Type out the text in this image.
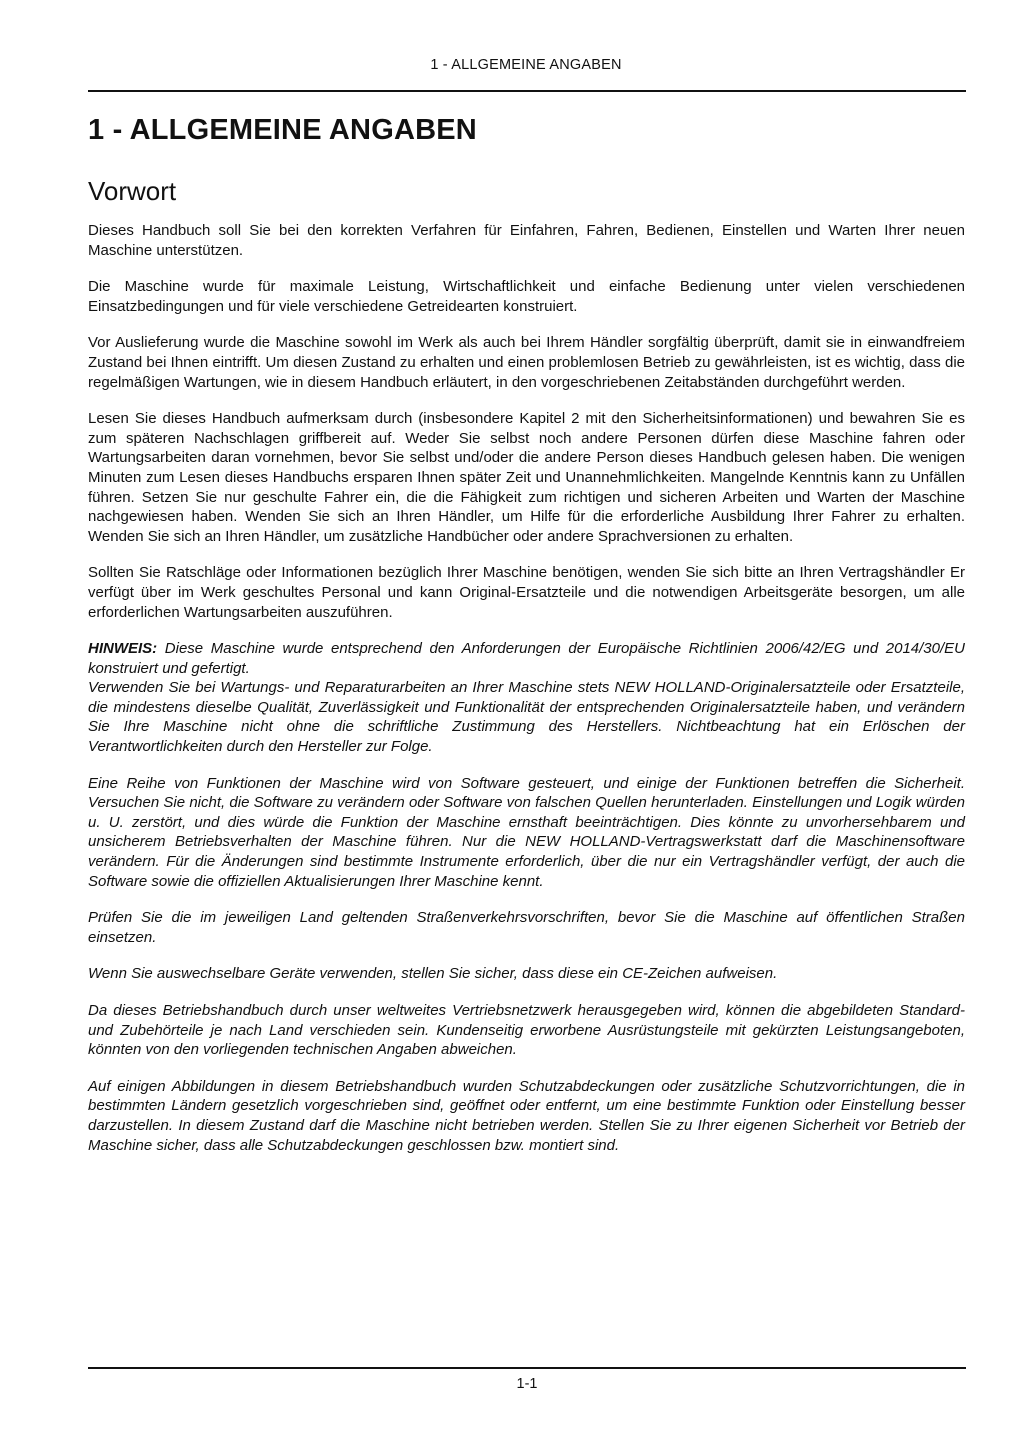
1 - ALLGEMEINE ANGABEN
1 - ALLGEMEINE ANGABEN
Vorwort

Dieses Handbuch soll Sie bei den korrekten Verfahren für Einfahren, Fahren, Bedienen, Einstellen und Warten Ihrer neuen Maschine unterstützen.

Die Maschine wurde für maximale Leistung, Wirtschaftlichkeit und einfache Bedienung unter vielen verschiedenen Einsatzbedingungen und für viele verschiedene Getreidearten konstruiert.

Vor Auslieferung wurde die Maschine sowohl im Werk als auch bei Ihrem Händler sorgfältig überprüft, damit sie in einwandfreiem Zustand bei Ihnen eintrifft. Um diesen Zustand zu erhalten und einen problemlosen Betrieb zu gewährleisten, ist es wichtig, dass die regelmäßigen Wartungen, wie in diesem Handbuch erläutert, in den vorgeschriebenen Zeitabständen durchgeführt werden.

Lesen Sie dieses Handbuch aufmerksam durch (insbesondere Kapitel 2 mit den Sicherheitsinformationen) und bewahren Sie es zum späteren Nachschlagen griffbereit auf. Weder Sie selbst noch andere Personen dürfen diese Maschine fahren oder Wartungsarbeiten daran vornehmen, bevor Sie selbst und/oder die andere Person dieses Handbuch gelesen haben. Die wenigen Minuten zum Lesen dieses Handbuchs ersparen Ihnen später Zeit und Unannehmlichkeiten. Mangelnde Kenntnis kann zu Unfällen führen. Setzen Sie nur geschulte Fahrer ein, die die Fähigkeit zum richtigen und sicheren Arbeiten und Warten der Maschine nachgewiesen haben. Wenden Sie sich an Ihren Händler, um Hilfe für die erforderliche Ausbildung Ihrer Fahrer zu erhalten. Wenden Sie sich an Ihren Händler, um zusätzliche Handbücher oder andere Sprachversionen zu erhalten.

Sollten Sie Ratschläge oder Informationen bezüglich Ihrer Maschine benötigen, wenden Sie sich bitte an Ihren Vertragshändler Er verfügt über im Werk geschultes Personal und kann Original-Ersatzteile und die notwendigen Arbeitsgeräte besorgen, um alle erforderlichen Wartungsarbeiten auszuführen.

HINWEIS: Diese Maschine wurde entsprechend den Anforderungen der Europäische Richtlinien 2006/42/EG und 2014/30/EU konstruiert und gefertigt.

Verwenden Sie bei Wartungs- und Reparaturarbeiten an Ihrer Maschine stets NEW HOLLAND-Originalersatzteile oder Ersatzteile, die mindestens dieselbe Qualität, Zuverlässigkeit und Funktionalität der entsprechenden Originalersatzteile haben, und verändern Sie Ihre Maschine nicht ohne die schriftliche Zustimmung des Herstellers. Nichtbeachtung hat ein Erlöschen der Verantwortlichkeiten durch den Hersteller zur Folge.

Eine Reihe von Funktionen der Maschine wird von Software gesteuert, und einige der Funktionen betreffen die Sicherheit. Versuchen Sie nicht, die Software zu verändern oder Software von falschen Quellen herunterladen. Einstellungen und Logik würden u. U. zerstört, und dies würde die Funktion der Maschine ernsthaft beeinträchtigen. Dies könnte zu unvorhersehbarem und unsicherem Betriebsverhalten der Maschine führen. Nur die NEW HOLLAND-Vertragswerkstatt darf die Maschinensoftware verändern. Für die Änderungen sind bestimmte Instrumente erforderlich, über die nur ein Vertragshändler verfügt, der auch die Software sowie die offiziellen Aktualisierungen Ihrer Maschine kennt.

Prüfen Sie die im jeweiligen Land geltenden Straßenverkehrsvorschriften, bevor Sie die Maschine auf öffentlichen Straßen einsetzen.

Wenn Sie auswechselbare Geräte verwenden, stellen Sie sicher, dass diese ein CE-Zeichen aufweisen.

Da dieses Betriebshandbuch durch unser weltweites Vertriebsnetzwerk herausgegeben wird, können die abgebildeten Standard- und Zubehörteile je nach Land verschieden sein. Kundenseitig erworbene Ausrüstungsteile mit gekürzten Leistungsangeboten, könnten von den vorliegenden technischen Angaben abweichen.

Auf einigen Abbildungen in diesem Betriebshandbuch wurden Schutzabdeckungen oder zusätzliche Schutzvorrichtungen, die in bestimmten Ländern gesetzlich vorgeschrieben sind, geöffnet oder entfernt, um eine bestimmte Funktion oder Einstellung besser darzustellen. In diesem Zustand darf die Maschine nicht betrieben werden. Stellen Sie zu Ihrer eigenen Sicherheit vor Betrieb der Maschine sicher, dass alle Schutzabdeckungen geschlossen bzw. montiert sind.

1-1
